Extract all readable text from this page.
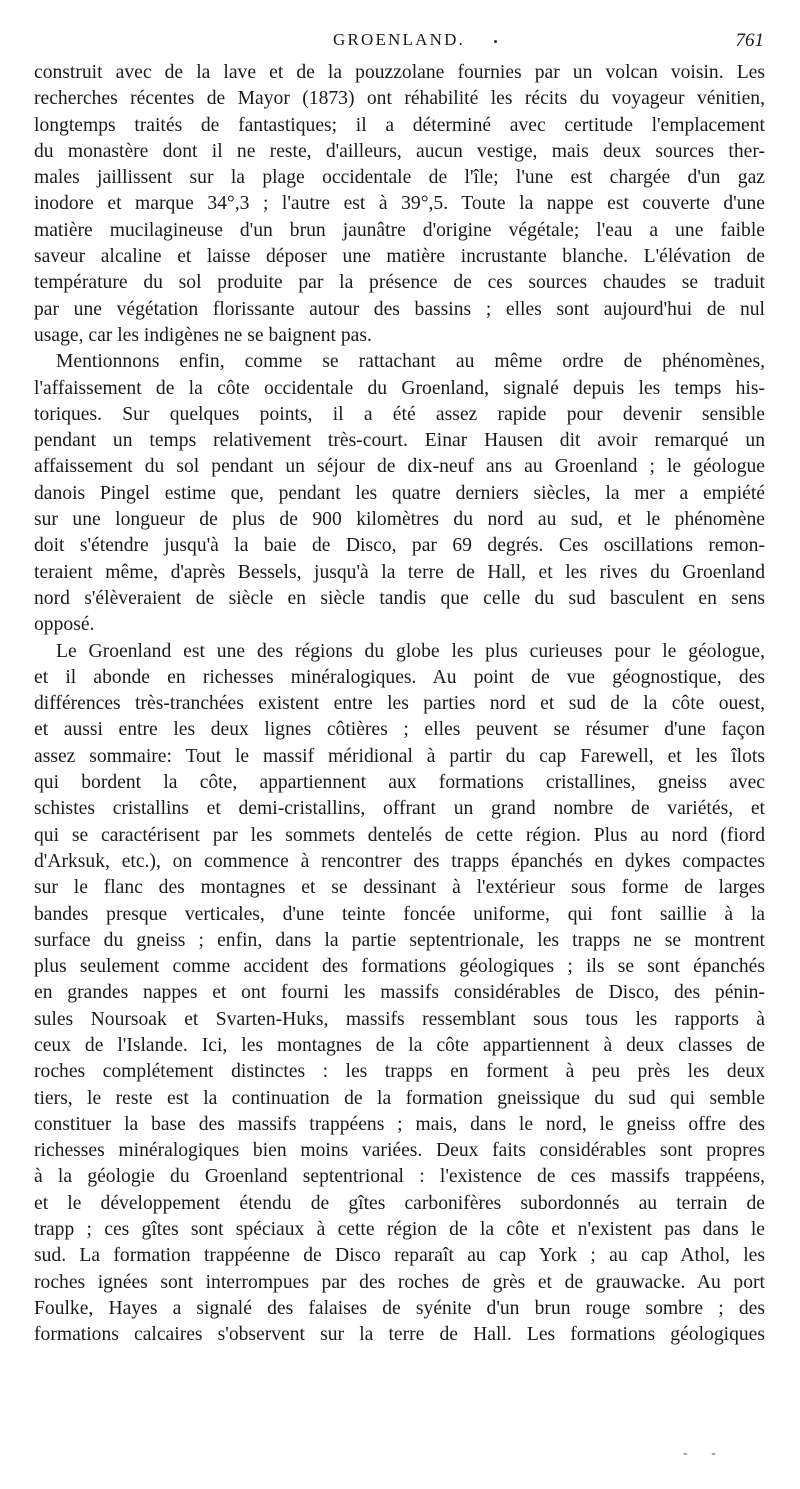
GROENLAND.	761
construit avec de la lave et de la pouzzolane fournies par un volcan voisin. Les
recherches récentes de Mayor (1873) ont réhabilité les récits du voyageur vénitien,
longtemps traités de fantastiques; il a déterminé avec certitude l'emplacement
du monastère dont il ne reste, d'ailleurs, aucun vestige, mais deux sources ther-
males jaillissent sur la plage occidentale de l'île; l'une est chargée d'un gaz
inodore et marque 34°,3 ; l'autre est à 39°,5. Toute la nappe est couverte d'une
matière mucilagineuse d'un brun jaunâtre d'origine végétale; l'eau a une faible
saveur alcaline et laisse déposer une matière incrustante blanche. L'élévation de
température du sol produite par la présence de ces sources chaudes se traduit
par une végétation florissante autour des bassins ; elles sont aujourd'hui de nul
usage, car les indigènes ne se baignent pas.
Mentionnons enfin, comme se rattachant au même ordre de phénomènes,
l'affaissement de la côte occidentale du Groenland, signalé depuis les temps his-
toriques. Sur quelques points, il a été assez rapide pour devenir sensible
pendant un temps relativement très-court. Einar Hausen dit avoir remarqué un
affaissement du sol pendant un séjour de dix-neuf ans au Groenland ; le géologue
danois Pingel estime que, pendant les quatre derniers siècles, la mer a empiété
sur une longueur de plus de 900 kilomètres du nord au sud, et le phénomène
doit s'étendre jusqu'à la baie de Disco, par 69 degrés. Ces oscillations remon-
teraient même, d'après Bessels, jusqu'à la terre de Hall, et les rives du Groenland
nord s'élèveraient de siècle en siècle tandis que celle du sud basculent en sens
opposé.
Le Groenland est une des régions du globe les plus curieuses pour le géologue,
et il abonde en richesses minéralogiques. Au point de vue géognostique, des
différences très-tranchées existent entre les parties nord et sud de la côte ouest,
et aussi entre les deux lignes côtières ; elles peuvent se résumer d'une façon
assez sommaire: Tout le massif méridional à partir du cap Farewell, et les îlots
qui bordent la côte, appartiennent aux formations cristallines, gneiss avec
schistes cristallins et demi-cristallins, offrant un grand nombre de variétés, et
qui se caractérisent par les sommets dentelés de cette région. Plus au nord (fiord
d'Arksuk, etc.), on commence à rencontrer des trapps épanchés en dykes compactes
sur le flanc des montagnes et se dessinant à l'extérieur sous forme de larges
bandes presque verticales, d'une teinte foncée uniforme, qui font saillie à la
surface du gneiss ; enfin, dans la partie septentrionale, les trapps ne se montrent
plus seulement comme accident des formations géologiques ; ils se sont épanchés
en grandes nappes et ont fourni les massifs considérables de Disco, des pénin-
sules Noursoak et Svarten-Huks, massifs ressemblant sous tous les rapports à
ceux de l'Islande. Ici, les montagnes de la côte appartiennent à deux classes de
roches complétement distinctes : les trapps en forment à peu près les deux
tiers, le reste est la continuation de la formation gneissique du sud qui semble
constituer la base des massifs trappéens ; mais, dans le nord, le gneiss offre des
richesses minéralogiques bien moins variées. Deux faits considérables sont propres
à la géologie du Groenland septentrional : l'existence de ces massifs trappéens,
et le développement étendu de gîtes carbonifères subordonnés au terrain de
trapp ; ces gîtes sont spéciaux à cette région de la côte et n'existent pas dans le
sud. La formation trappéenne de Disco reparaît au cap York ; au cap Athol, les
roches ignées sont interrompues par des roches de grès et de grauwacke. Au port
Foulke, Hayes a signalé des falaises de syénite d'un brun rouge sombre ; des
formations calcaires s'observent sur la terre de Hall. Les formations géologiques
- -
